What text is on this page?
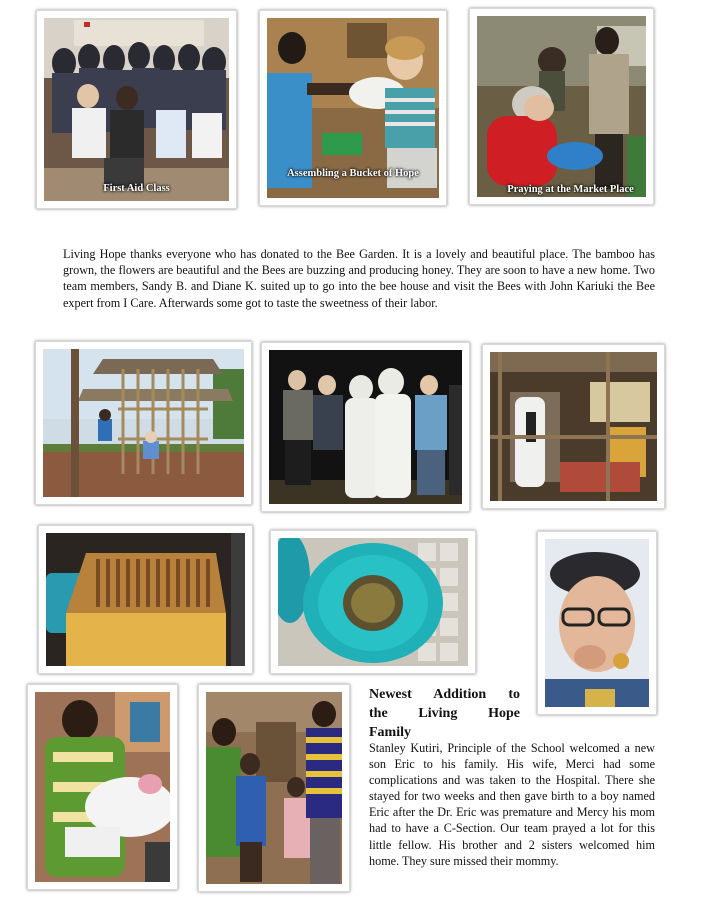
First Aid Class
Assembling a Bucket of Hope
Praying at the Market Place
Living Hope thanks everyone who has donated to the Bee Garden. It is a lovely and beautiful place. The bamboo has grown, the flowers are beautiful and the Bees are buzzing and producing honey. They are soon to have a new home. Two team members, Sandy B. and Diane K. suited up to go into the bee house and visit the Bees with John Kariuki the Bee expert from I Care. Afterwards some got to taste the sweetness of their labor.
Newest Addition to
the Living Hope
Family
Stanley Kutiri, Principle of the School welcomed a new son Eric to his family. His wife, Merci had some complications and was taken to the Hospital. There she stayed for two weeks and then gave birth to a boy named Eric after the Dr. Eric was premature and Mercy his mom had to have a C-Section. Our team prayed a lot for this little fellow. His brother and 2 sisters welcomed him home. They sure missed their mommy.
